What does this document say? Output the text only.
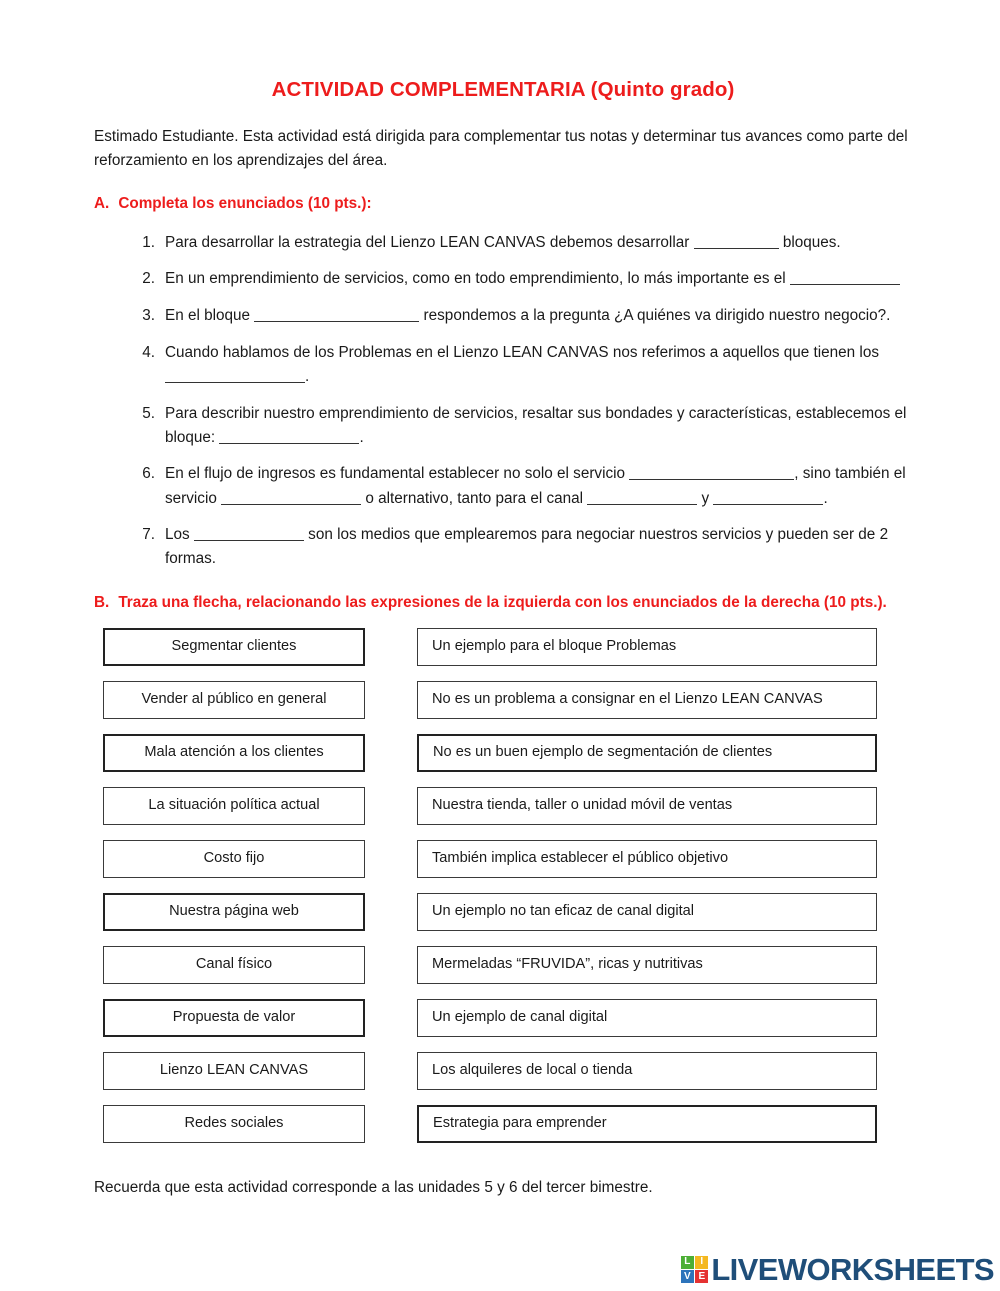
ACTIVIDAD COMPLEMENTARIA (Quinto grado)

Estimado Estudiante. Esta actividad está dirigida para complementar tus notas y determinar tus avances como parte del reforzamiento en los aprendizajes del área.

A. Completa los enunciados (10 pts.):
1. Para desarrollar la estrategia del Lienzo LEAN CANVAS debemos desarrollar	bloques.
2. En un emprendimiento de servicios, como en todo emprendimiento, lo más importante es el
3. En el bloque	respondemos a la pregunta ¿A quiénes va dirigido nuestro negocio?.
4. Cuando hablamos de los Problemas en el Lienzo LEAN CANVAS nos referimos a aquellos que tienen los .
5. Para describir nuestro emprendimiento de servicios, resaltar sus bondades y características, establecemos el bloque:	.
6. En el flujo de ingresos es fundamental establecer no solo el servicio	, sino también el servicio	o alternativo, tanto para el canal	y	.
7. Los	son los medios que emplearemos para negociar nuestros servicios y pueden ser de 2 formas.
B. Traza una flecha, relacionando las expresiones de la izquierda con los enunciados de la derecha (10 pts.).
Segmentar clientes
Vender al público en general
Mala atención a los clientes
La situación política actual
Costo fijo
Nuestra página web
Canal físico
Propuesta de valor
Lienzo LEAN CANVAS
Redes sociales
Un ejemplo para el bloque Problemas
No es un problema a consignar en el Lienzo LEAN CANVAS
No es un buen ejemplo de segmentación de clientes
Nuestra tienda, taller o unidad móvil de ventas
También implica establecer el público objetivo
Un ejemplo no tan eficaz de canal digital
Mermeladas “FRUVIDA”, ricas y nutritivas
Un ejemplo de canal digital
Los alquileres de local o tienda
Estrategia para emprender

Recuerda que esta actividad corresponde a las unidades 5 y 6 del tercer bimestre.

L	I
V E LIVEWORKSHEETS
